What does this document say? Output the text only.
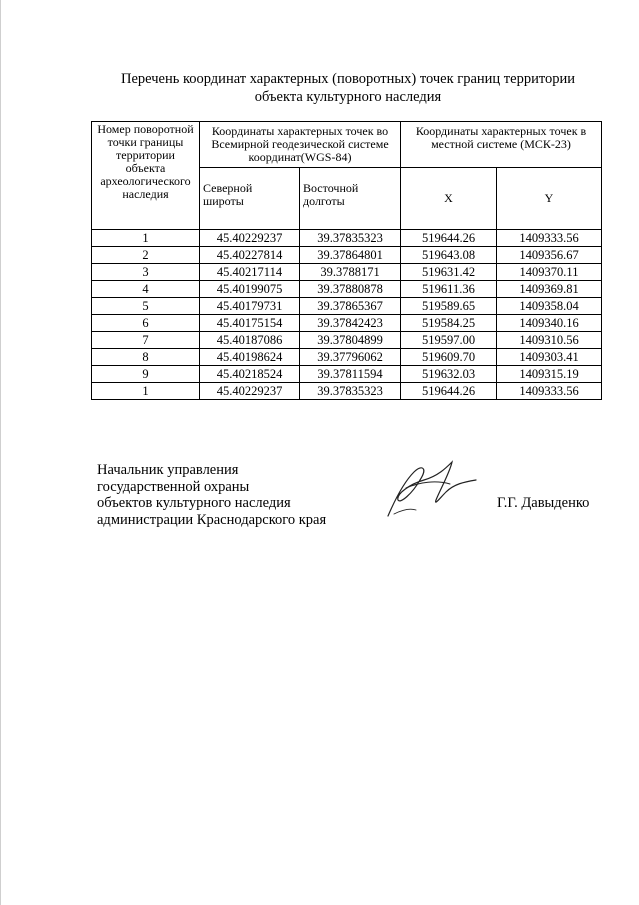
Перечень координат характерных (поворотных) точек границ территории
объекта культурного наследия
Номер поворотной точки границы территории объекта археологического наследия	Координаты характерных точек во Всемирной геодезической системе координат(WGS-84)		Координаты характерных точек в местной системе (МСК-23)	
	Северной широты	Восточной долготы	X	Y
1	45.40229237	39.37835323	519644.26	1409333.56
2	45.40227814	39.37864801	519643.08	1409356.67
3	45.40217114	39.3788171	519631.42	1409370.11
4	45.40199075	39.37880878	519611.36	1409369.81
5	45.40179731	39.37865367	519589.65	1409358.04
6	45.40175154	39.37842423	519584.25	1409340.16
7	45.40187086	39.37804899	519597.00	1409310.56
8	45.40198624	39.37796062	519609.70	1409303.41
9	45.40218524	39.37811594	519632.03	1409315.19
1	45.40229237	39.37835323	519644.26	1409333.56
Начальник управления
государственной охраны
объектов культурного наследия
администрации Краснодарского края
Г.Г. Давыденко
